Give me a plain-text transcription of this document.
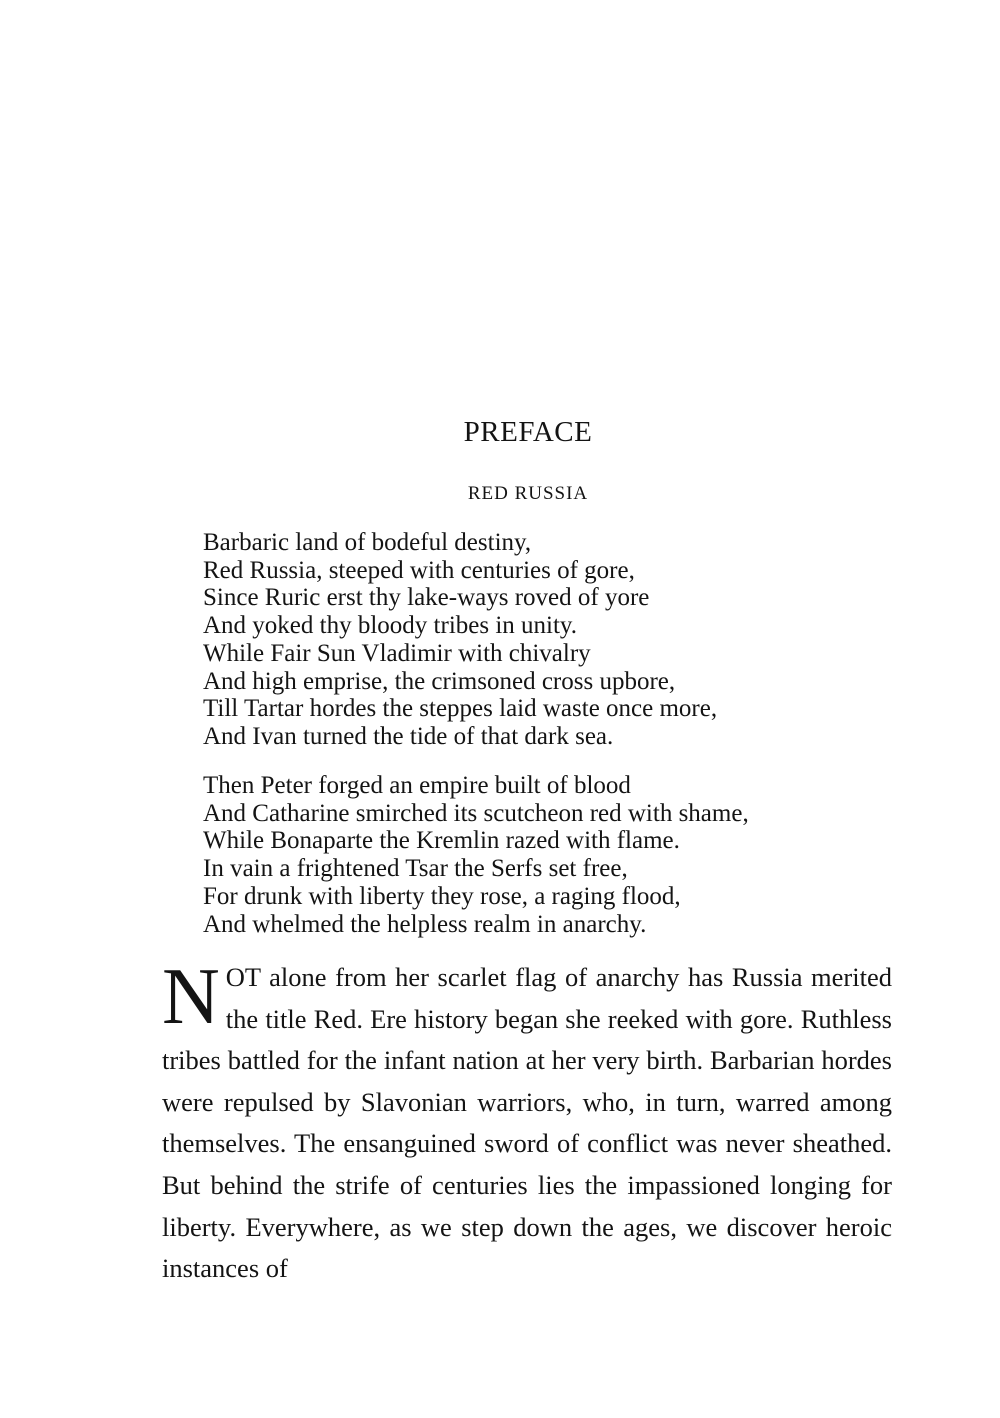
PREFACE
RED RUSSIA
Barbaric land of bodeful destiny,
Red Russia, steeped with centuries of gore,
Since Ruric erst thy lake-ways roved of yore
And yoked thy bloody tribes in unity.
While Fair Sun Vladimir with chivalry
And high emprise, the crimsoned cross upbore,
Till Tartar hordes the steppes laid waste once more,
And Ivan turned the tide of that dark sea.
Then Peter forged an empire built of blood
And Catharine smirched its scutcheon red with shame,
While Bonaparte the Kremlin razed with flame.
In vain a frightened Tsar the Serfs set free,
For drunk with liberty they rose, a raging flood,
And whelmed the helpless realm in anarchy.

NOT alone from her scarlet flag of anarchy has Russia merited the title Red. Ere history began she reeked with gore. Ruthless tribes battled for the infant nation at her very birth. Barbarian hordes were repulsed by Slavonian warriors, who, in turn, warred among themselves. The ensanguined sword of conflict was never sheathed. But behind the strife of centuries lies the impassioned longing for liberty. Everywhere, as we step down the ages, we discover heroic instances of
